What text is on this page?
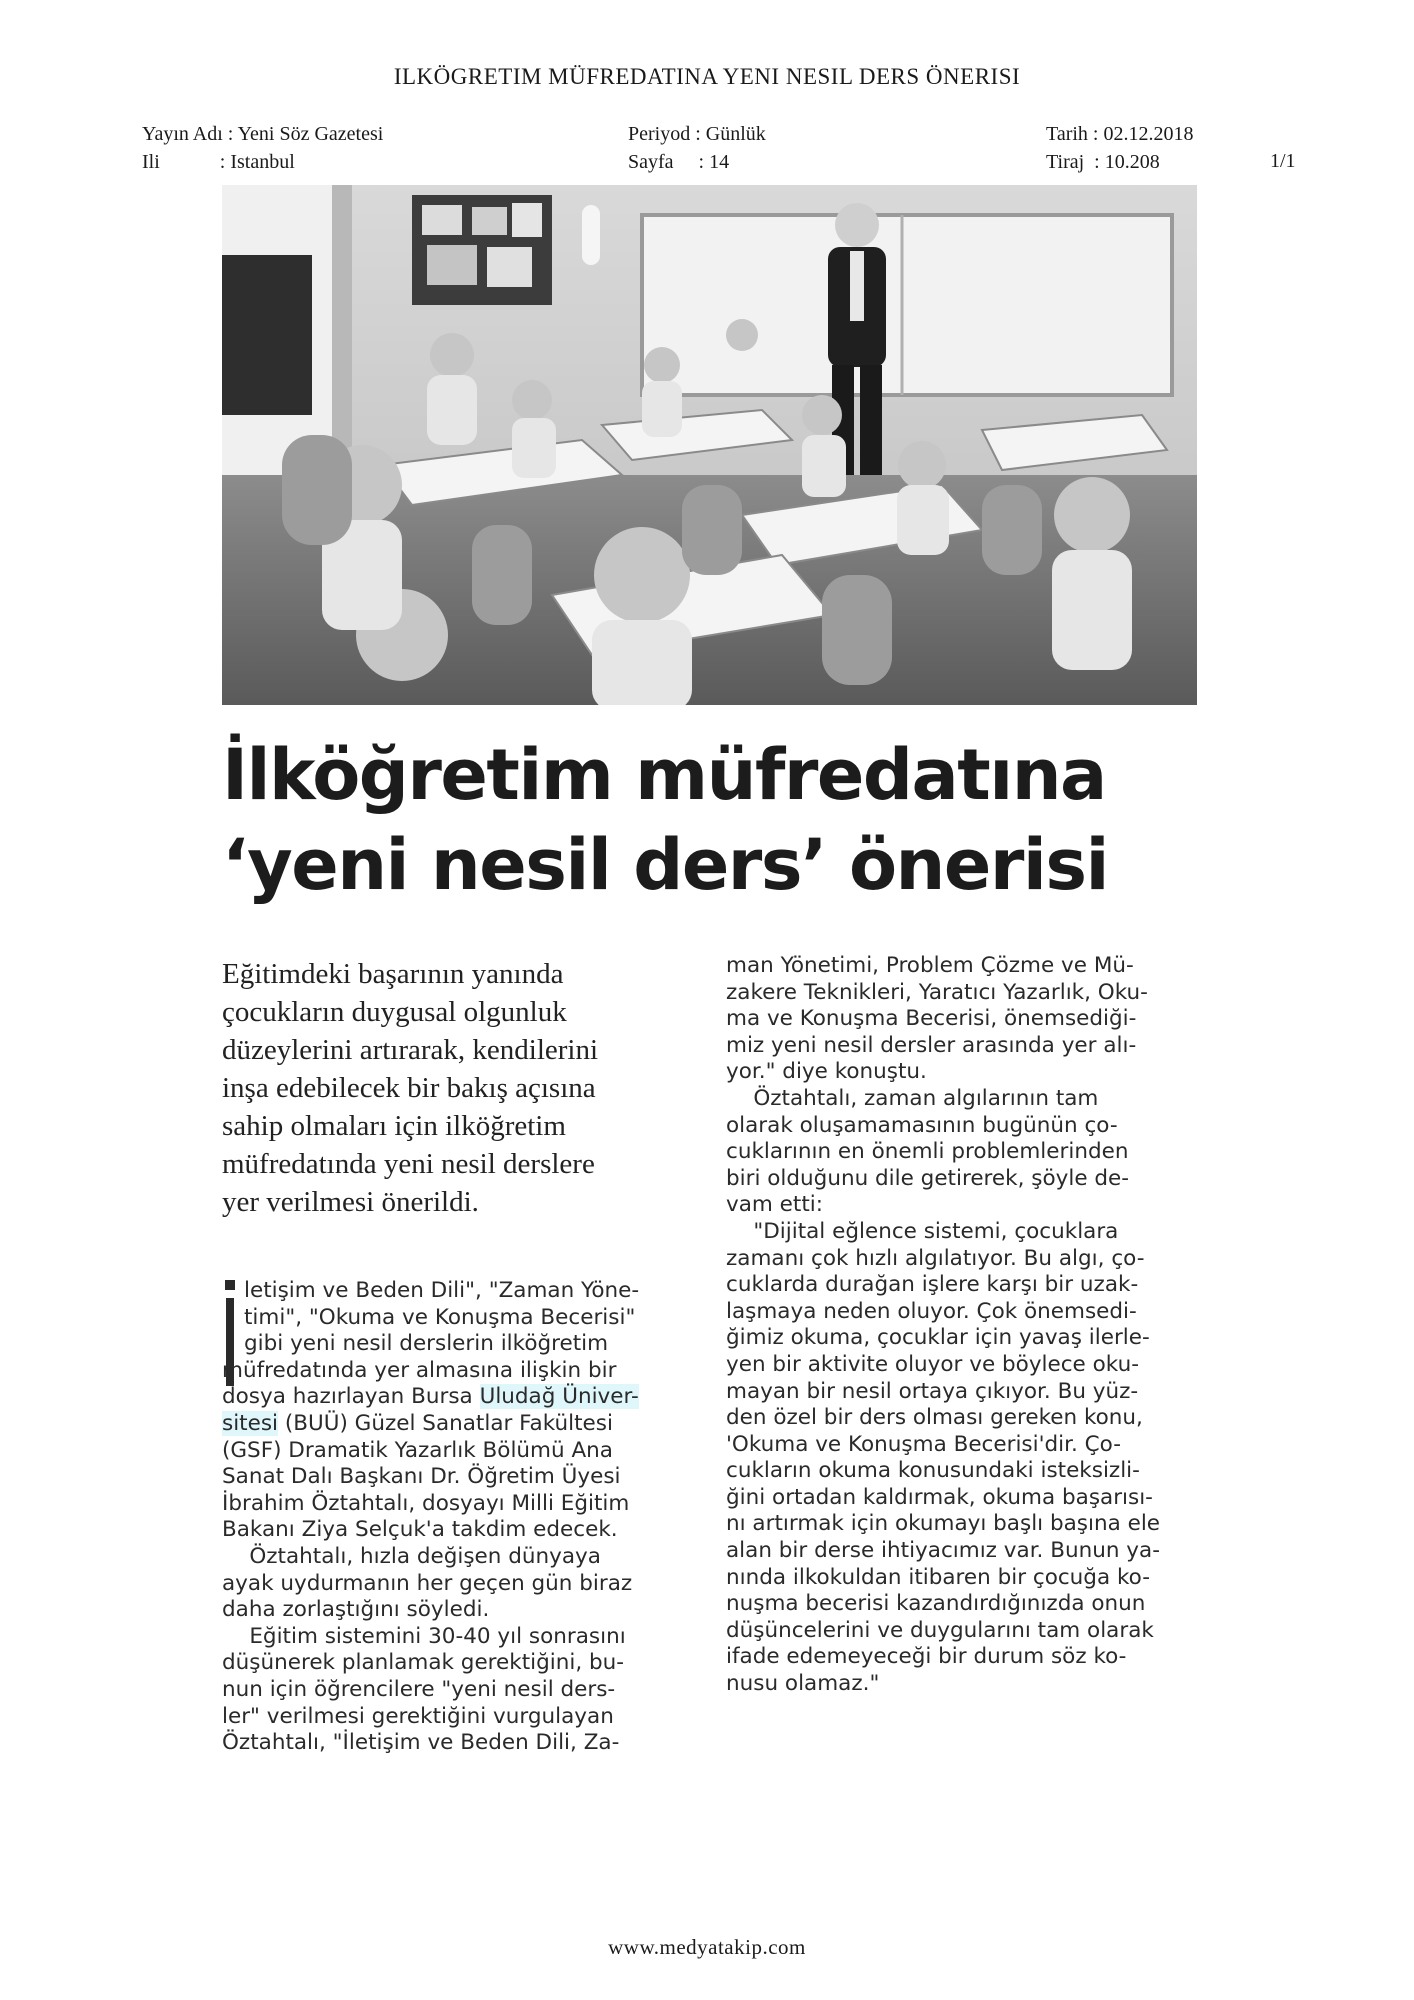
ILKÖGRETIM MÜFREDATINA YENI NESIL DERS ÖNERISI
Yayın Adı : Yeni Söz Gazetesi
Ili            : Istanbul
Periyod : Günlük
Sayfa     : 14
Tarih : 02.12.2018
Tiraj  : 10.208	1/1
İlköğretim müfredatına
‘yeni nesil ders’ önerisi
Eğitimdeki başarının yanında
çocukların duygusal olgunluk
düzeylerini artırarak, kendilerini
inşa edebilecek bir bakış açısına
sahip olmaları için ilköğretim
müfredatında yeni nesil derslere
yer verilmesi önerildi.
letişim ve Beden Dili", "Zaman Yöne-
timi", "Okuma ve Konuşma Becerisi"
gibi yeni nesil derslerin ilköğretim
müfredatında yer almasına ilişkin bir
dosya hazırlayan Bursa Uludağ Üniver-
sitesi (BUÜ) Güzel Sanatlar Fakültesi
(GSF) Dramatik Yazarlık Bölümü Ana
Sanat Dalı Başkanı Dr. Öğretim Üyesi
İbrahim Öztahtalı, dosyayı Milli Eğitim
Bakanı Ziya Selçuk'a takdim edecek.
Öztahtalı, hızla değişen dünyaya
ayak uydurmanın her geçen gün biraz
daha zorlaştığını söyledi.
Eğitim sistemini 30-40 yıl sonrasını
düşünerek planlamak gerektiğini, bu-
nun için öğrencilere "yeni nesil ders-
ler" verilmesi gerektiğini vurgulayan
Öztahtalı, "İletişim ve Beden Dili, Za-
man Yönetimi, Problem Çözme ve Mü-
zakere Teknikleri, Yaratıcı Yazarlık, Oku-
ma ve Konuşma Becerisi, önemsediği-
miz yeni nesil dersler arasında yer alı-
yor." diye konuştu.
Öztahtalı, zaman algılarının tam
olarak oluşamamasının bugünün ço-
cuklarının en önemli problemlerinden
biri olduğunu dile getirerek, şöyle de-
vam etti:
"Dijital eğlence sistemi, çocuklara
zamanı çok hızlı algılatıyor. Bu algı, ço-
cuklarda durağan işlere karşı bir uzak-
laşmaya neden oluyor. Çok önemsedi-
ğimiz okuma, çocuklar için yavaş ilerle-
yen bir aktivite oluyor ve böylece oku-
mayan bir nesil ortaya çıkıyor. Bu yüz-
den özel bir ders olması gereken konu,
'Okuma ve Konuşma Becerisi'dir. Ço-
cukların okuma konusundaki isteksizli-
ğini ortadan kaldırmak, okuma başarısı-
nı artırmak için okumayı başlı başına ele
alan bir derse ihtiyacımız var. Bunun ya-
nında ilkokuldan itibaren bir çocuğa ko-
nuşma becerisi kazandırdığınızda onun
düşüncelerini ve duygularını tam olarak
ifade edemeyeceği bir durum söz ko-
nusu olamaz."
www.medyatakip.com
